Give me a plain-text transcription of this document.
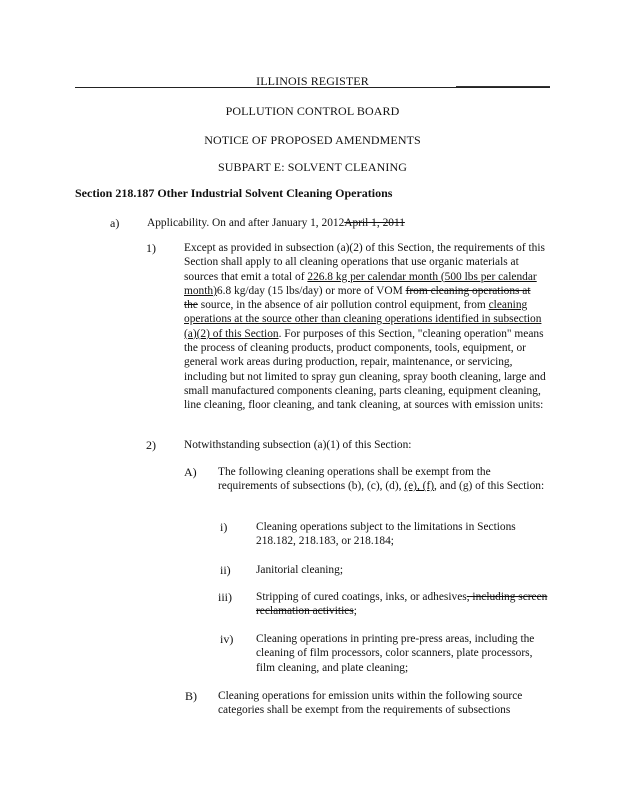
ILLINOIS REGISTER
POLLUTION CONTROL BOARD
NOTICE OF PROPOSED AMENDMENTS
SUBPART E: SOLVENT CLEANING
Section 218.187 Other Industrial Solvent Cleaning Operations
a) Applicability. On and after January 1, 2012April 1, 2011
1) Except as provided in subsection (a)(2) of this Section, the requirements of this Section shall apply to all cleaning operations that use organic materials at sources that emit a total of 226.8 kg per calendar month (500 lbs per calendar month)6.8 kg/day (15 lbs/day) or more of VOM from cleaning operations at the source, in the absence of air pollution control equipment, from cleaning operations at the source other than cleaning operations identified in subsection (a)(2) of this Section. For purposes of this Section, "cleaning operation" means the process of cleaning products, product components, tools, equipment, or general work areas during production, repair, maintenance, or servicing, including but not limited to spray gun cleaning, spray booth cleaning, large and small manufactured components cleaning, parts cleaning, equipment cleaning, line cleaning, floor cleaning, and tank cleaning, at sources with emission units:
2) Notwithstanding subsection (a)(1) of this Section:
A) The following cleaning operations shall be exempt from the requirements of subsections (b), (c), (d), (e), (f), and (g) of this Section:
i)	Cleaning operations subject to the limitations in Sections 218.182, 218.183, or 218.184;
ii) Janitorial cleaning;
iii) Stripping of cured coatings, inks, or adhesives, including screen reclamation activities;
iv) Cleaning operations in printing pre-press areas, including the cleaning of film processors, color scanners, plate processors, film cleaning, and plate cleaning;
B) Cleaning operations for emission units within the following source categories shall be exempt from the requirements of subsections
